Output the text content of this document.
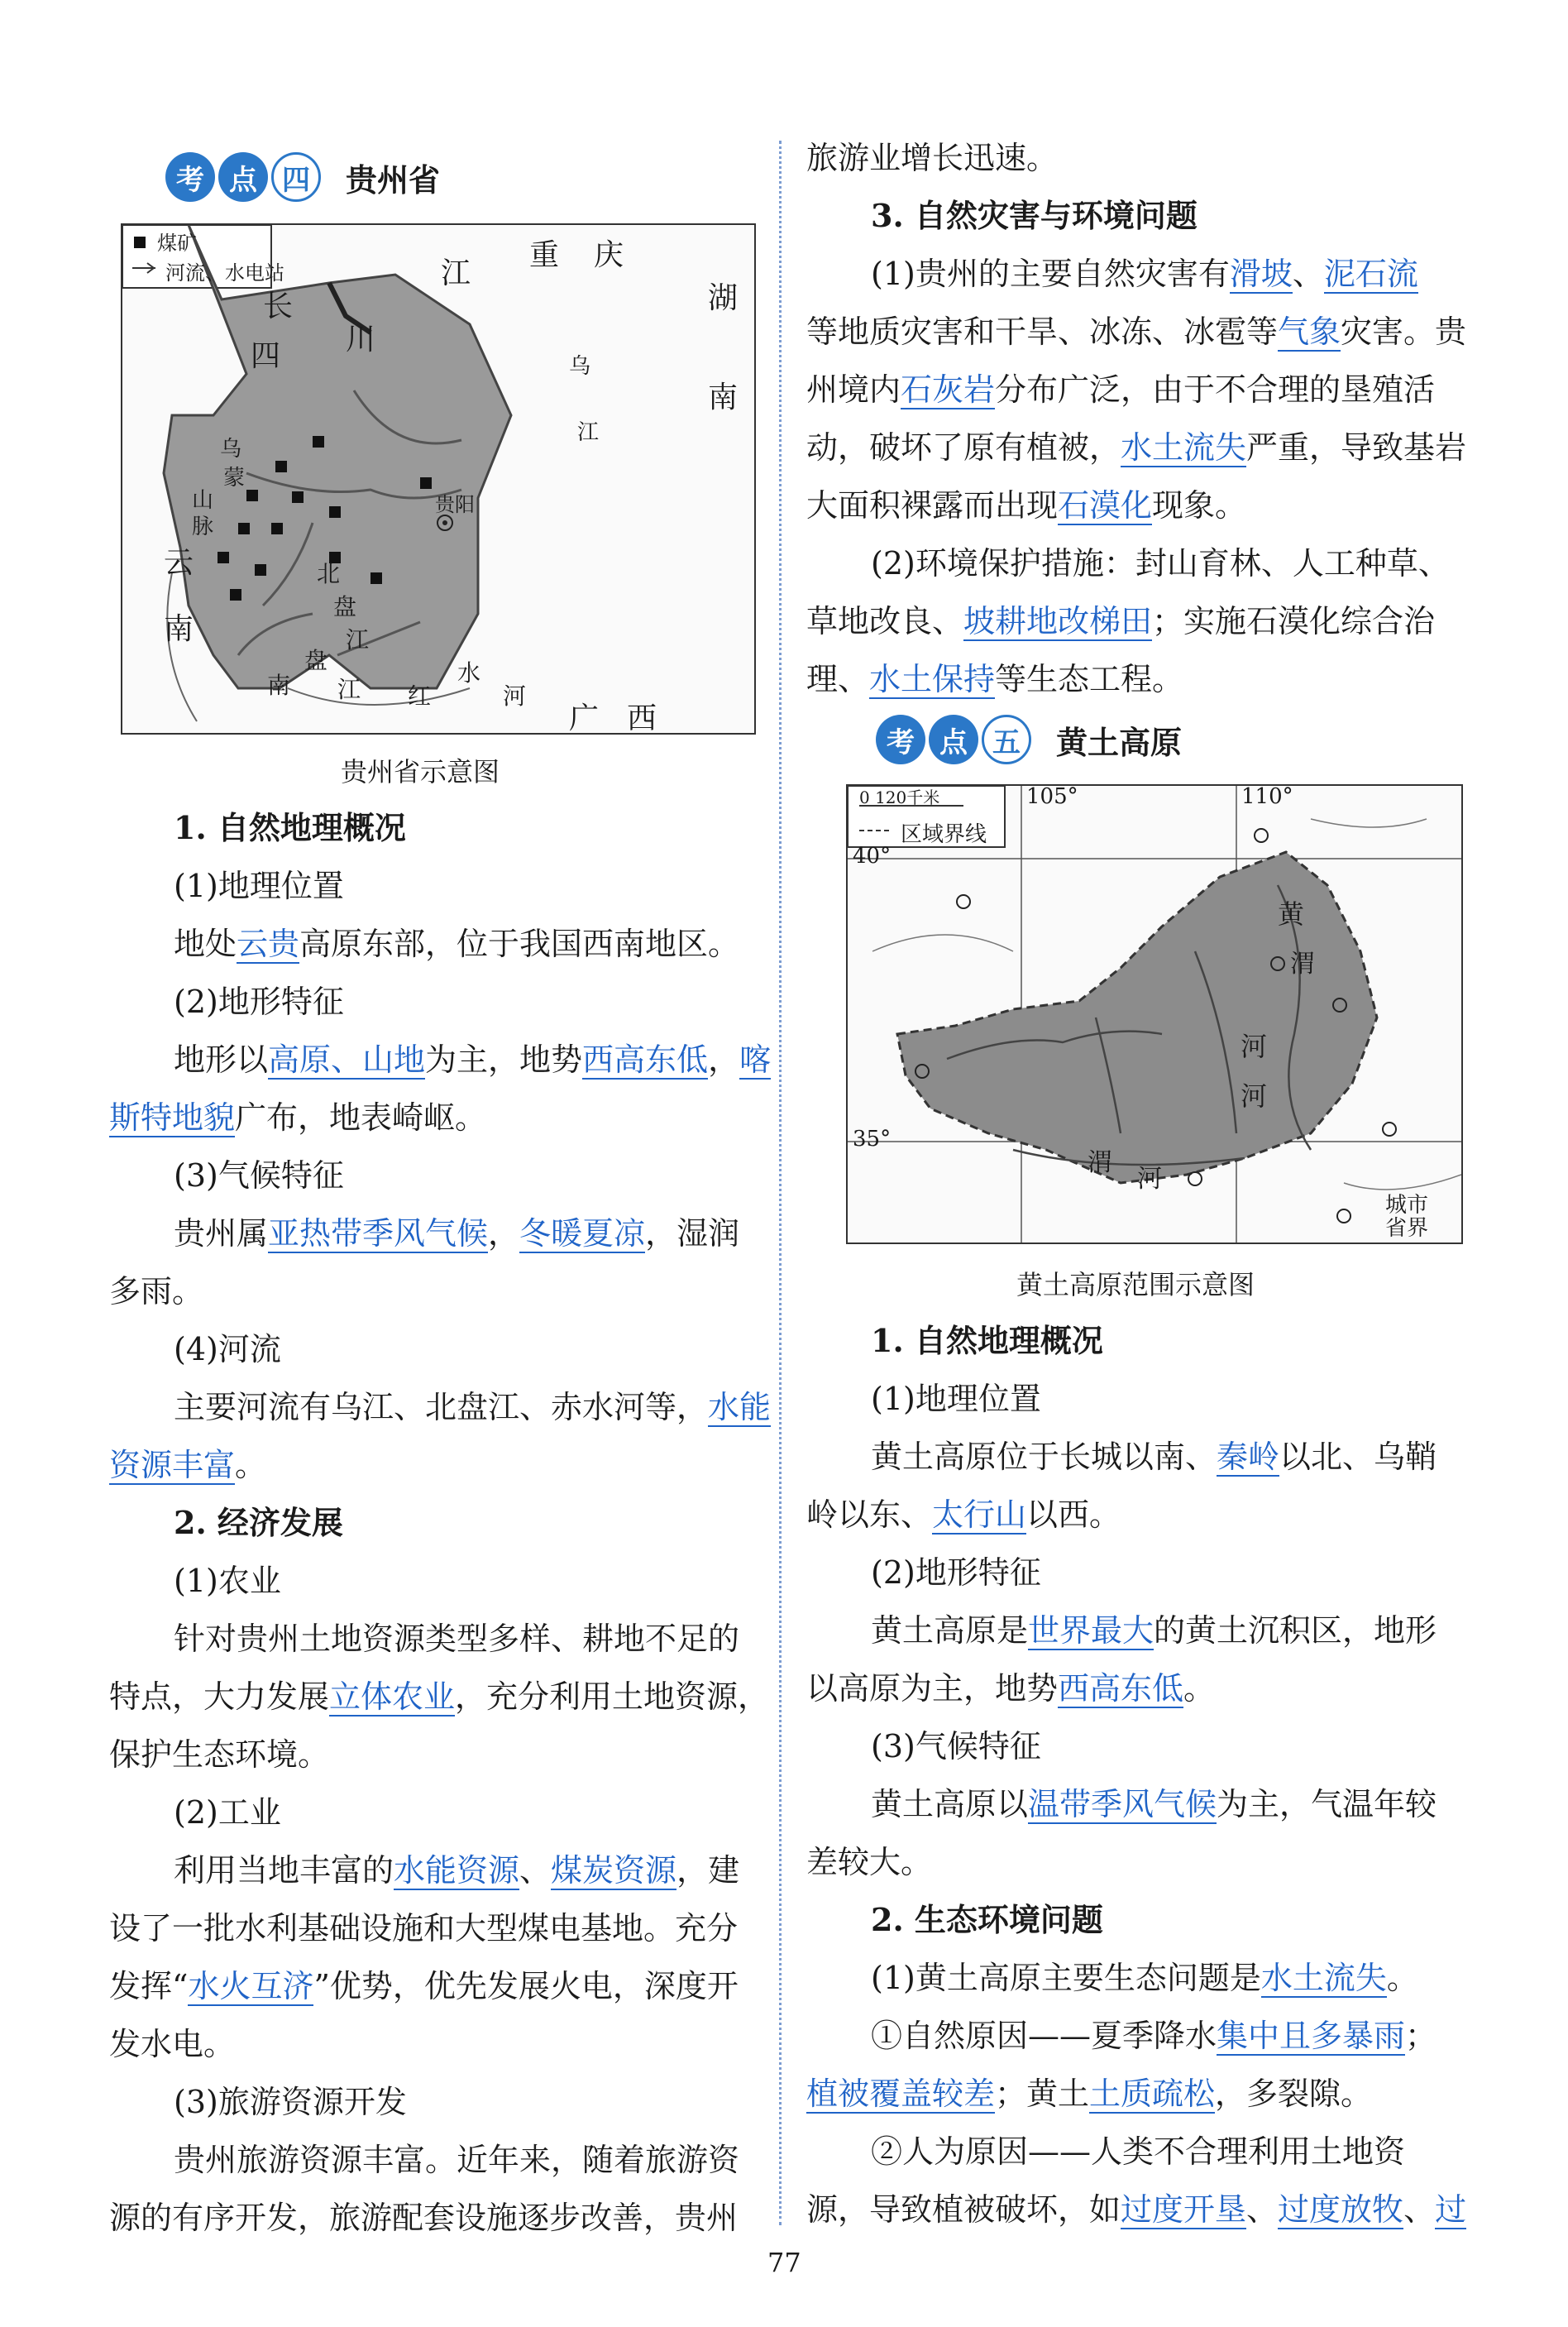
考 点 四	贵州省
煤矿
河流、水电站	江
重 庆
长
四 川
湖
南
乌
江
贵阳
乌
蒙
山
脉
云
南
北
盘
江
南
盘
江 红
水
河
广 西
贵州省示意图
1. 自然地理概况
(1)地理位置
地处云贵高原东部，位于我国西南地区。
(2)地形特征
地形以高原、山地为主，地势西高东低，喀
斯特地貌广布，地表崎岖。
(3)气候特征
贵州属亚热带季风气候，冬暖夏凉，湿润
多雨。
(4)河流
主要河流有乌江、北盘江、赤水河等，水能
资源丰富。
2. 经济发展
(1)农业
针对贵州土地资源类型多样、耕地不足的
特点，大力发展立体农业，充分利用土地资源，
保护生态环境。
(2)工业
利用当地丰富的水能资源、煤炭资源，建
设了一批水利基础设施和大型煤电基地。充分
发挥“水火互济”优势，优先发展火电，深度开
发水电。
(3)旅游资源开发
贵州旅游资源丰富。近年来，随着旅游资
源的有序开发，旅游配套设施逐步改善，贵州
旅游业增长迅速。
3. 自然灾害与环境问题
(1)贵州的主要自然灾害有滑坡、泥石流
等地质灾害和干旱、冰冻、冰雹等气象灾害。贵
州境内石灰岩分布广泛，由于不合理的垦殖活
动，破坏了原有植被，水土流失严重，导致基岩
大面积裸露而出现石漠化现象。
(2)环境保护措施：封山育林、人工种草、
草地改良、坡耕地改梯田；实施石漠化综合治
理、水土保持等生态工程。
考 点 五	黄土高原
0 120千米
区域界线
105°	110°
40°
35°
黄
渭
河
河
渭
河
城市
省界
黄土高原范围示意图
1. 自然地理概况
(1)地理位置
黄土高原位于长城以南、秦岭以北、乌鞘
岭以东、太行山以西。
(2)地形特征
黄土高原是世界最大的黄土沉积区，地形
以高原为主，地势西高东低。
(3)气候特征
黄土高原以温带季风气候为主，气温年较
差较大。
2. 生态环境问题
(1)黄土高原主要生态问题是水土流失。
①自然原因——夏季降水集中且多暴雨；
植被覆盖较差；黄土土质疏松，多裂隙。
②人为原因——人类不合理利用土地资
源，导致植被破坏，如过度开垦、过度放牧、过
77
